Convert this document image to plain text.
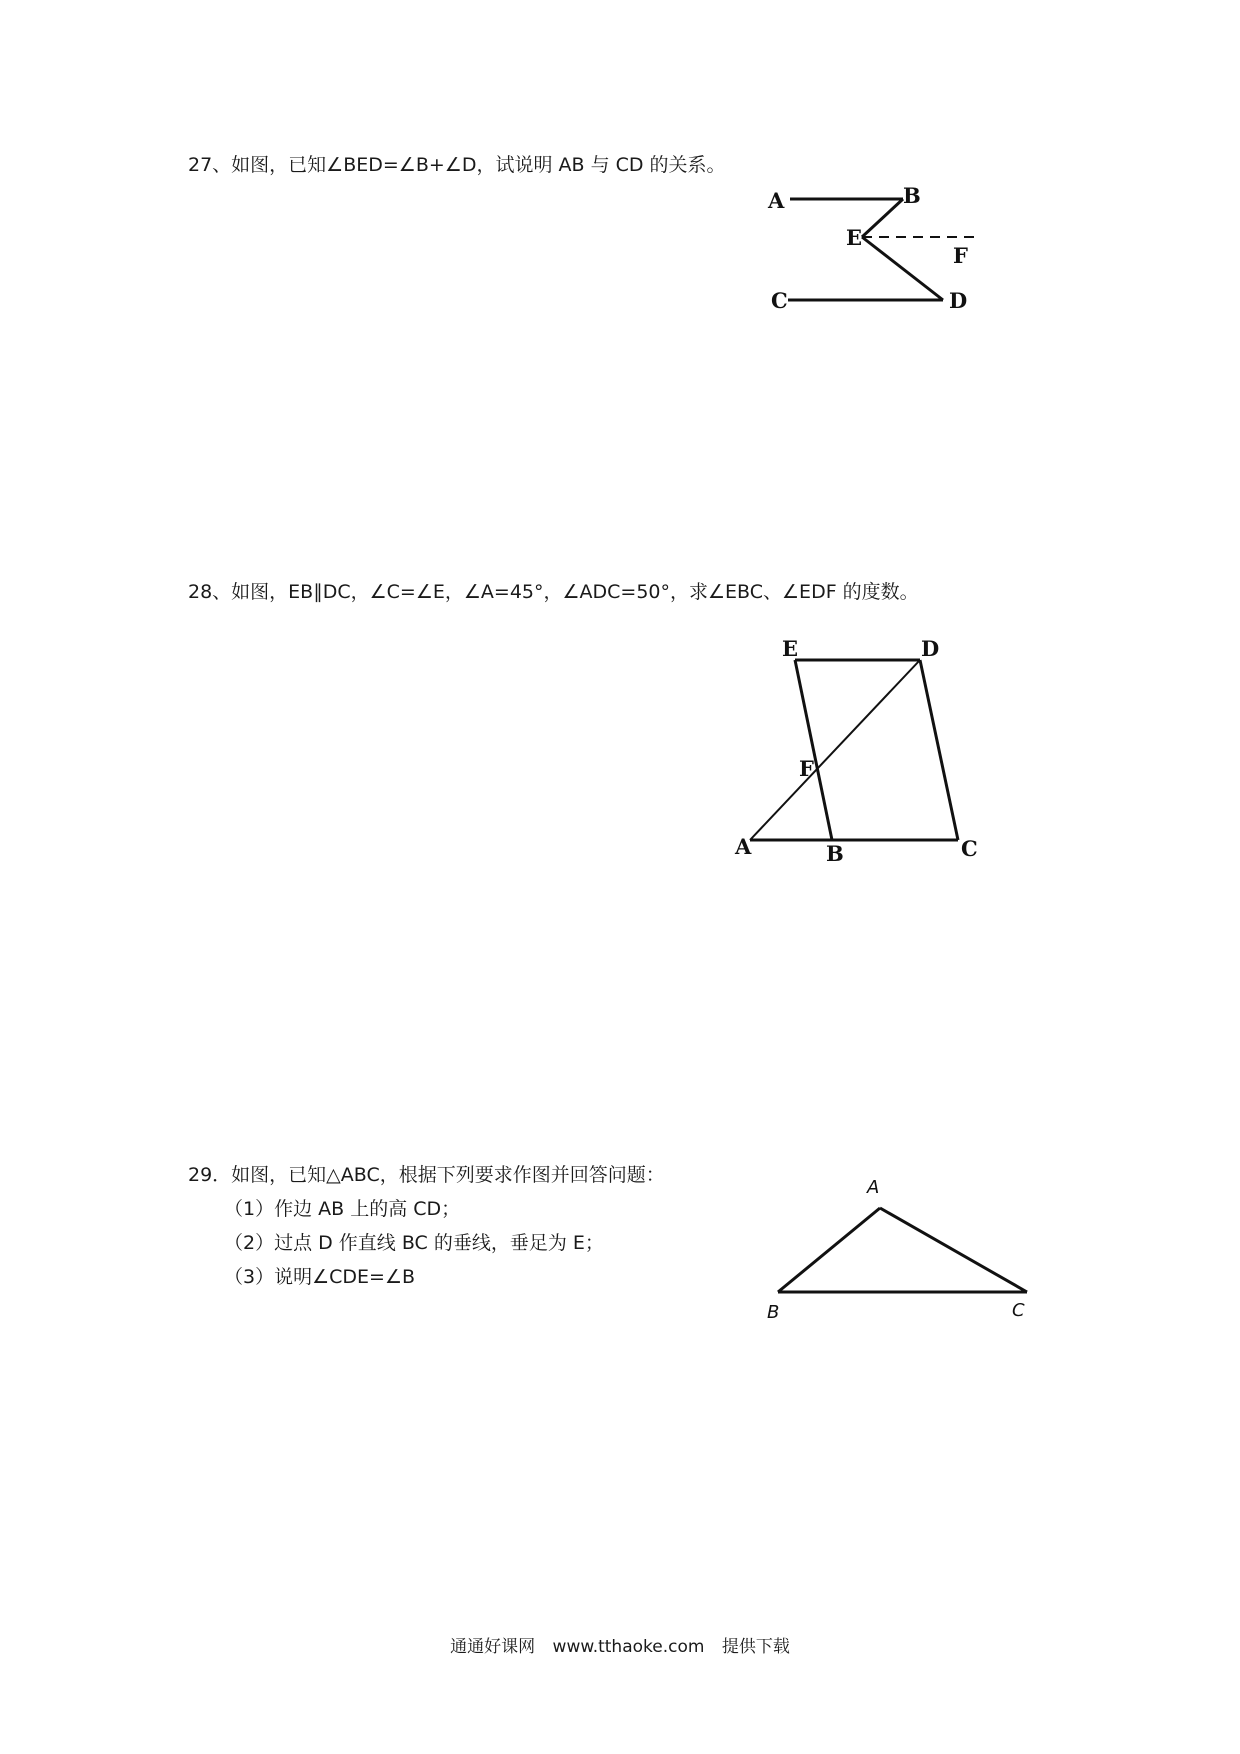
27、如图，已知∠BED=∠B+∠D，试说明 AB 与 CD 的关系。
A	B
E
F
C	D
28、如图，EB∥DC，∠C=∠E，∠A=45°，∠ADC=50°，求∠EBC、∠EDF 的度数。
E	D
F
A	B	C
29．如图，已知△ABC，根据下列要求作图并回答问题：
（1）作边 AB 上的高 CD；
（2）过点 D 作直线 BC 的垂线，垂足为 E；
（3）说明∠CDE=∠B
A
B	C
通通好课网 www.tthaoke.com 提供下载
